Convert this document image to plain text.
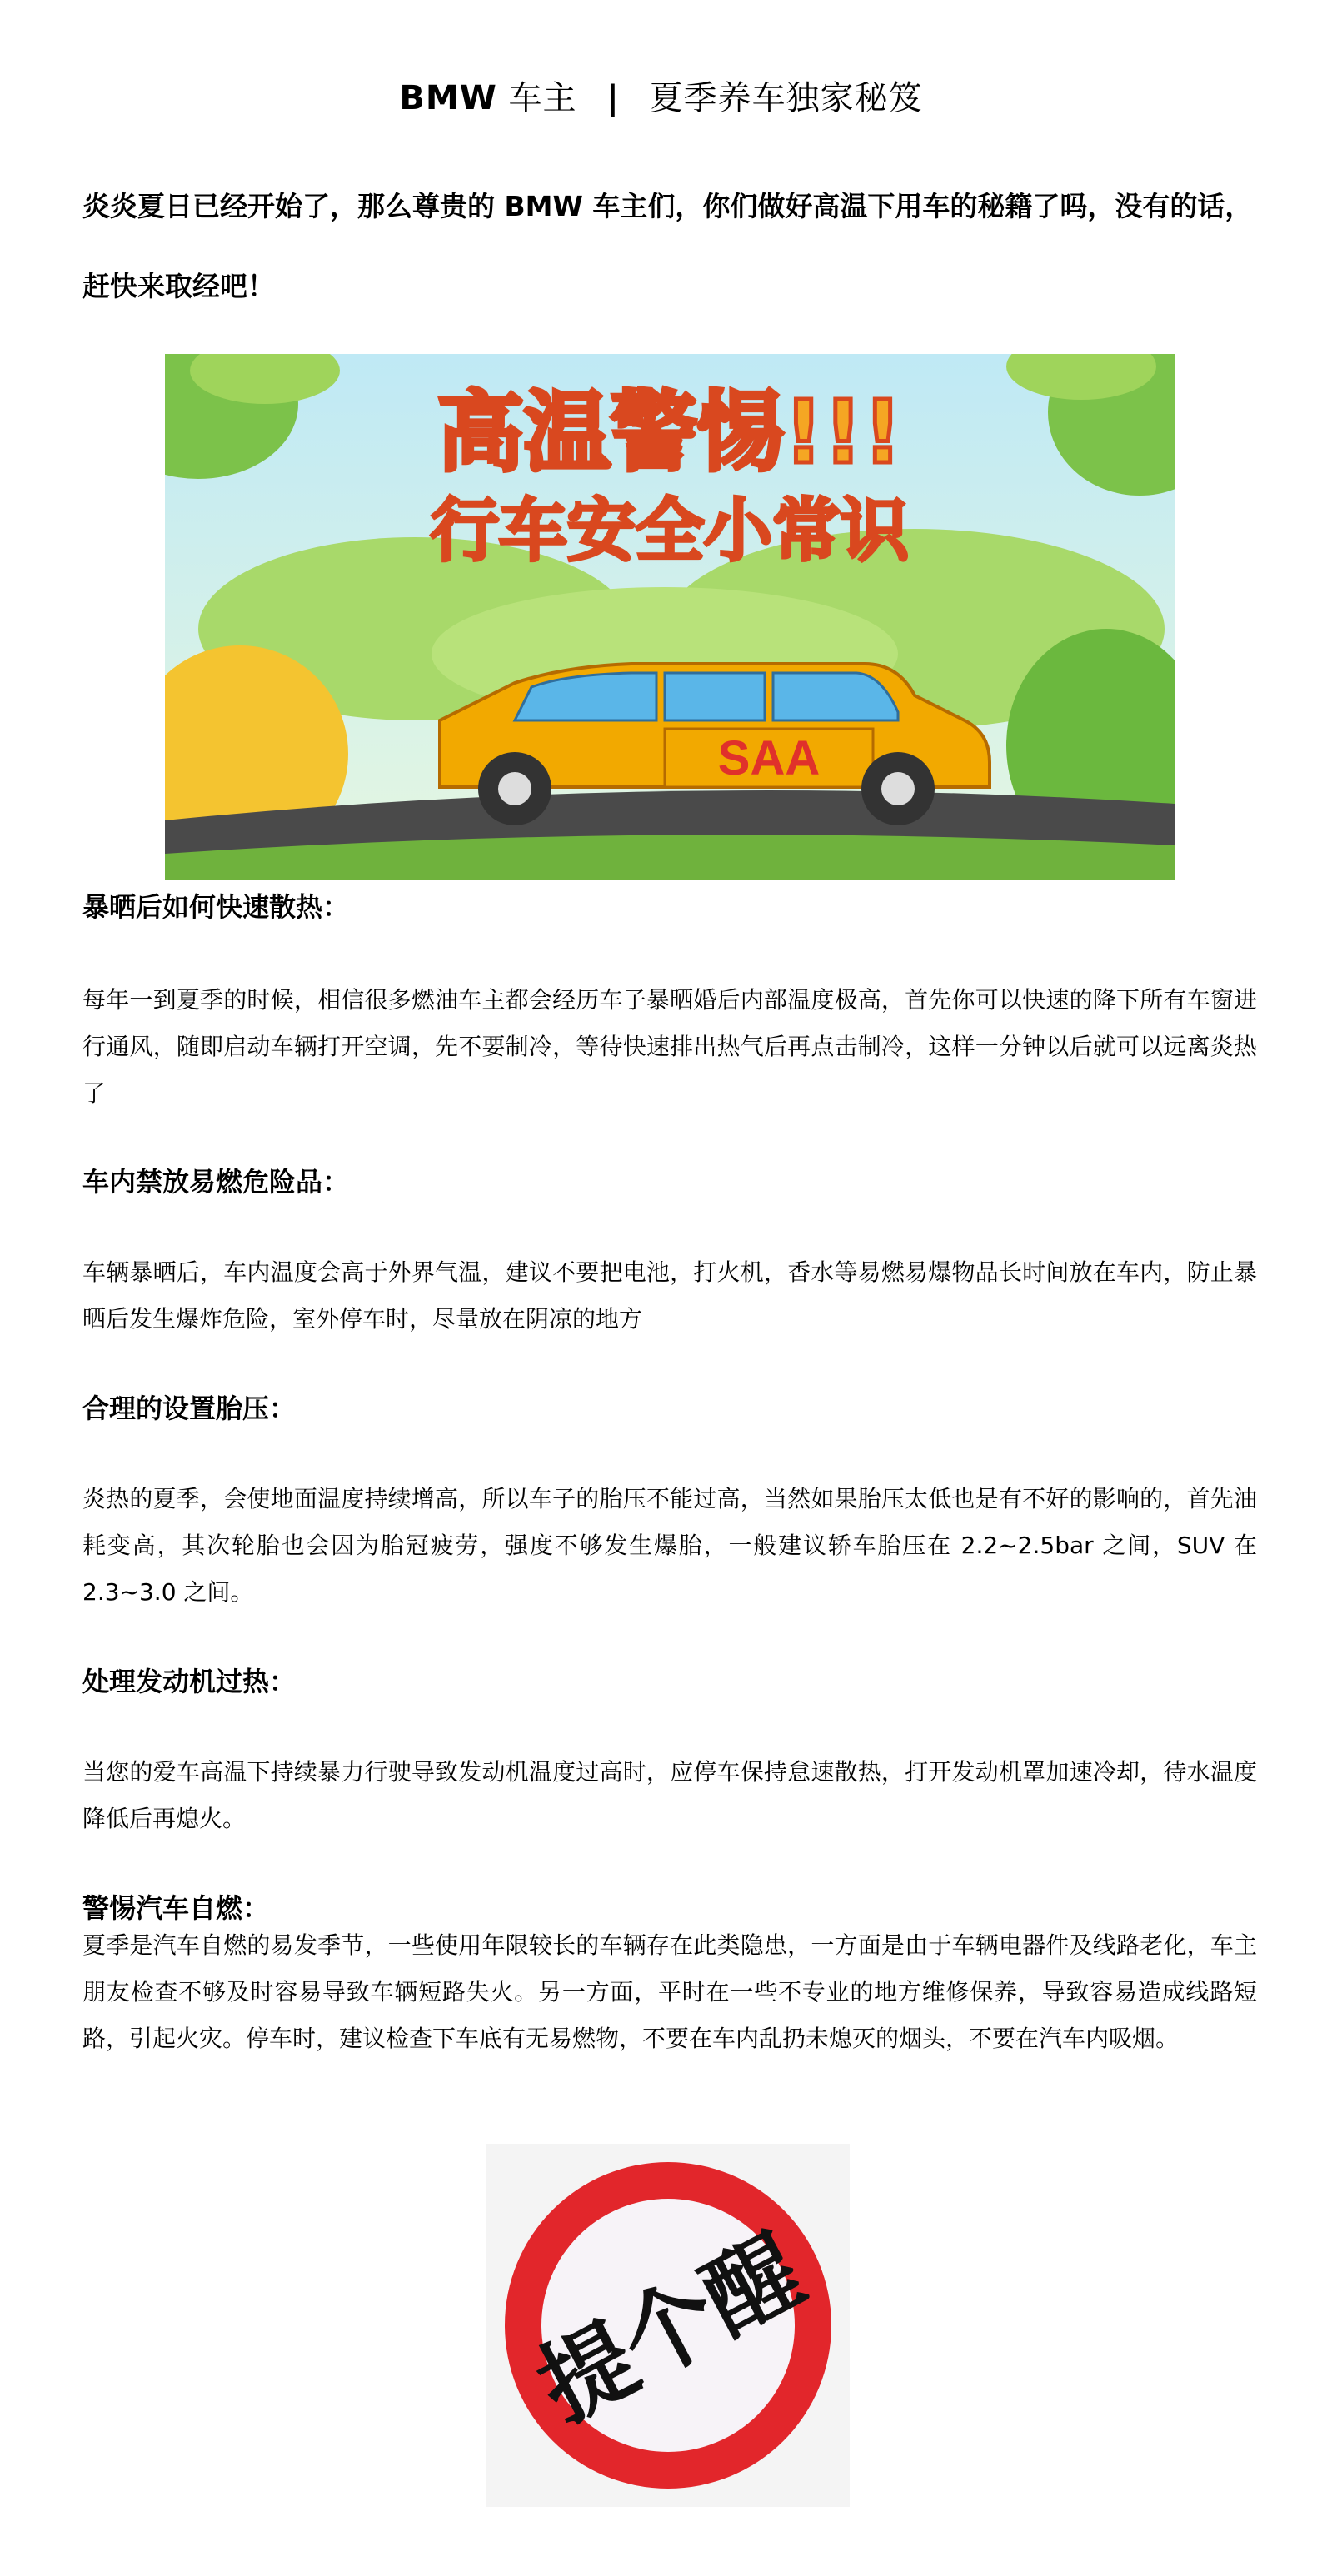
BMW 车主 | 夏季养车独家秘笈
炎炎夏日已经开始了，那么尊贵的 BMW 车主们，你们做好高温下用车的秘籍了吗，没有的话，赶快来取经吧！
SAA
高温警惕!!!
行车安全小常识
暴晒后如何快速散热：
每年一到夏季的时候，相信很多燃油车主都会经历车子暴晒婚后内部温度极高，首先你可以快速的降下所有车窗进行通风，随即启动车辆打开空调，先不要制冷，等待快速排出热气后再点击制冷，这样一分钟以后就可以远离炎热了
车内禁放易燃危险品：
车辆暴晒后，车内温度会高于外界气温，建议不要把电池，打火机，香水等易燃易爆物品长时间放在车内，防止暴晒后发生爆炸危险，室外停车时，尽量放在阴凉的地方
合理的设置胎压：
炎热的夏季，会使地面温度持续增高，所以车子的胎压不能过高，当然如果胎压太低也是有不好的影响的，首先油耗变高，其次轮胎也会因为胎冠疲劳，强度不够发生爆胎，一般建议轿车胎压在 2.2~2.5bar 之间，SUV 在 2.3~3.0 之间。
处理发动机过热：
当您的爱车高温下持续暴力行驶导致发动机温度过高时，应停车保持怠速散热，打开发动机罩加速冷却，待水温度降低后再熄火。
警惕汽车自燃：
夏季是汽车自燃的易发季节，一些使用年限较长的车辆存在此类隐患，一方面是由于车辆电器件及线路老化，车主朋友检查不够及时容易导致车辆短路失火。另一方面，平时在一些不专业的地方维修保养，导致容易造成线路短路，引起火灾。停车时，建议检查下车底有无易燃物，不要在车内乱扔未熄灭的烟头，不要在汽车内吸烟。
提个醒
